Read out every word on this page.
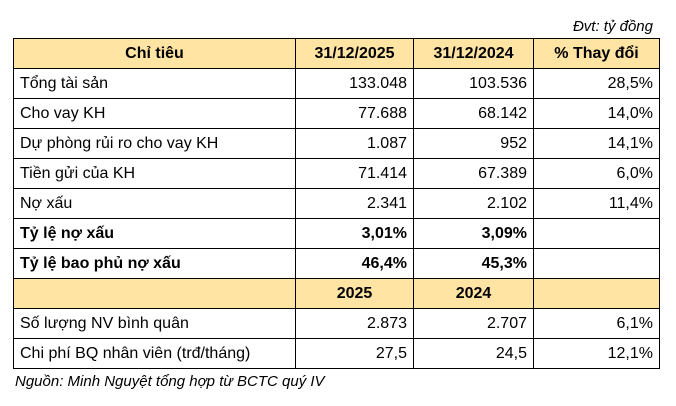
Đvt: tỷ đồng
Chỉ tiêu	31/12/2025	31/12/2024	% Thay đổi
Tổng tài sản	133.048	103.536	28,5%
Cho vay KH	77.688	68.142	14,0%
Dự phòng rủi ro cho vay KH	1.087	952	14,1%
Tiền gửi của KH	71.414	67.389	6,0%
Nợ xấu	2.341	2.102	11,4%
Tỷ lệ nợ xấu	3,01%	3,09%	
Tỷ lệ bao phủ nợ xấu	46,4%	45,3%	
	2025	2024	
Số lượng NV bình quân	2.873	2.707	6,1%
Chi phí BQ nhân viên (trđ/tháng)	27,5	24,5	12,1%
Nguồn: Minh Nguyệt tổng hợp từ BCTC quý IV
